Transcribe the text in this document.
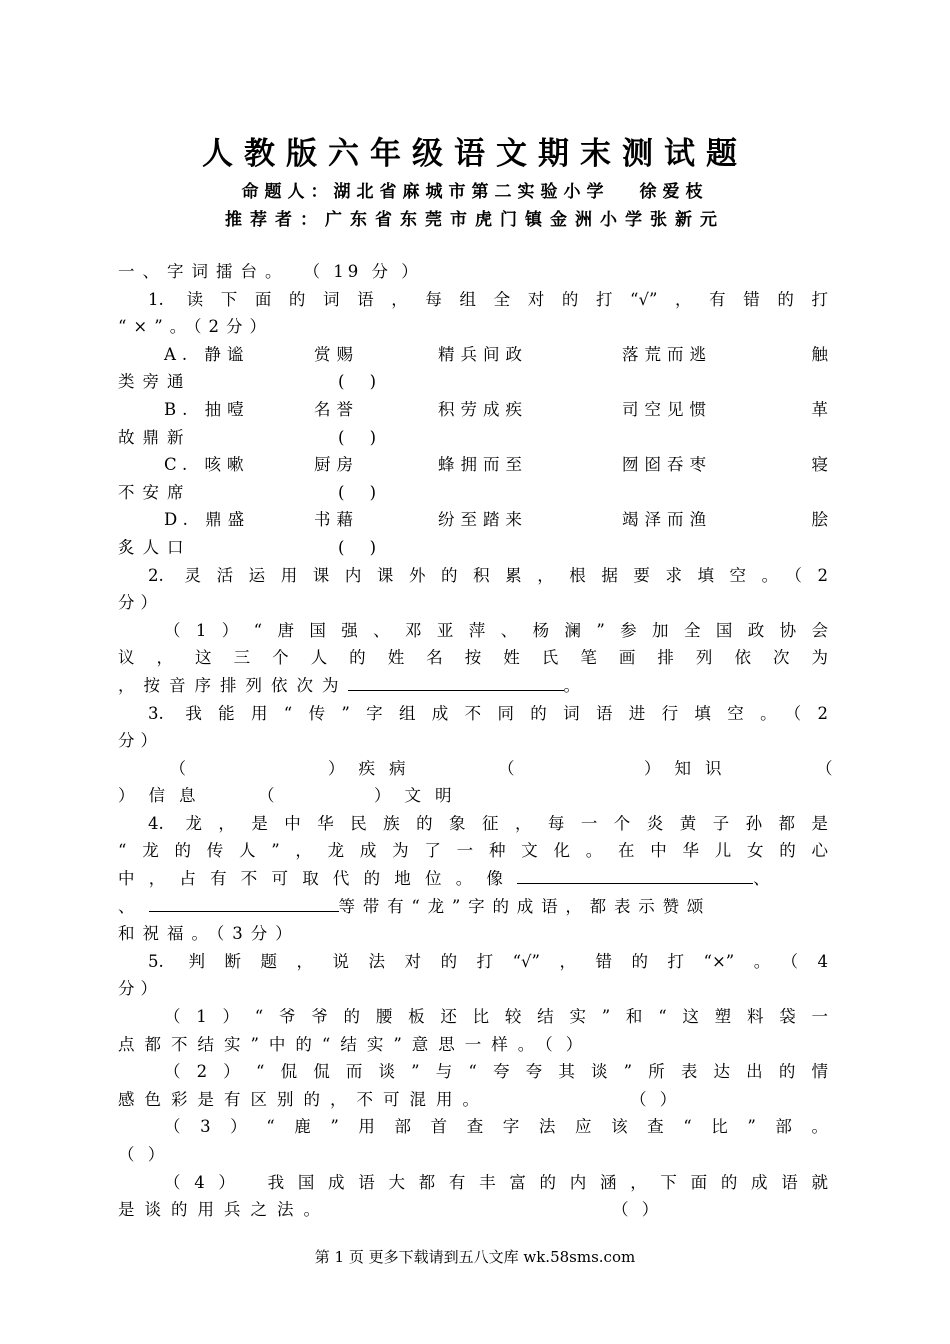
人教版六年级语文期末测试题
命题人：湖北省麻城市第二实验小学 徐爱枝
推荐者：广东省东莞市虎门镇金洲小学张新元
一、字词擂台。 （ 19 分 ）
1. 读下面的词语，每组全对的打“√”，有错的打
“×”。（2分）
A. 静谧	赏赐	精兵间政	落荒而逃	触
类旁通	( )
B. 抽噎	名誉	积劳成疾	司空见惯	革
故鼎新	( )
C. 咳嗽	厨房	蜂拥而至	囫囵吞枣	寝
不安席	( )
D. 鼎盛	书藉	纷至踏来	竭泽而渔	脍
炙人口	( )
2. 灵活运用课内课外的积累，根据要求填空。（2
分）
（1）“唐国强、邓亚萍、杨澜”参加全国政协会
议，这三个人的姓名按姓氏笔画排列依次为
，按音序排列依次为	。
3. 我能用“传”字组成不同的词语进行填空。（2
分）
（	）疾病	（	）知识	（
）信息	（	）文明
4. 龙，是中华民族的象征，每一个炎黄子孙都是
“龙的传人”，龙成为了一种文化。在中华儿女的心
中，占有不可取代的地位。像	、
、	等带有“龙”字的成语，都表示赞颂
和祝福。（3分）
5. 判断题，说法对的打“√”，错的打“×”。（4
分）
（1）“爷爷的腰板还比较结实”和“这塑料袋一
点都不结实”中的“结实”意思一样。（ ）
（2）“侃侃而谈”与“夸夸其谈”所表达出的情
感色彩是有区别的，不可混用。	（ ）
（3）“鹿”用部首查字法应该查“比”部。
（ ）
（4） 我国成语大都有丰富的内涵，下面的成语就
是谈的用兵之法。	（ ）
第 1 页 更多下载请到五八文库 wk.58sms.com
